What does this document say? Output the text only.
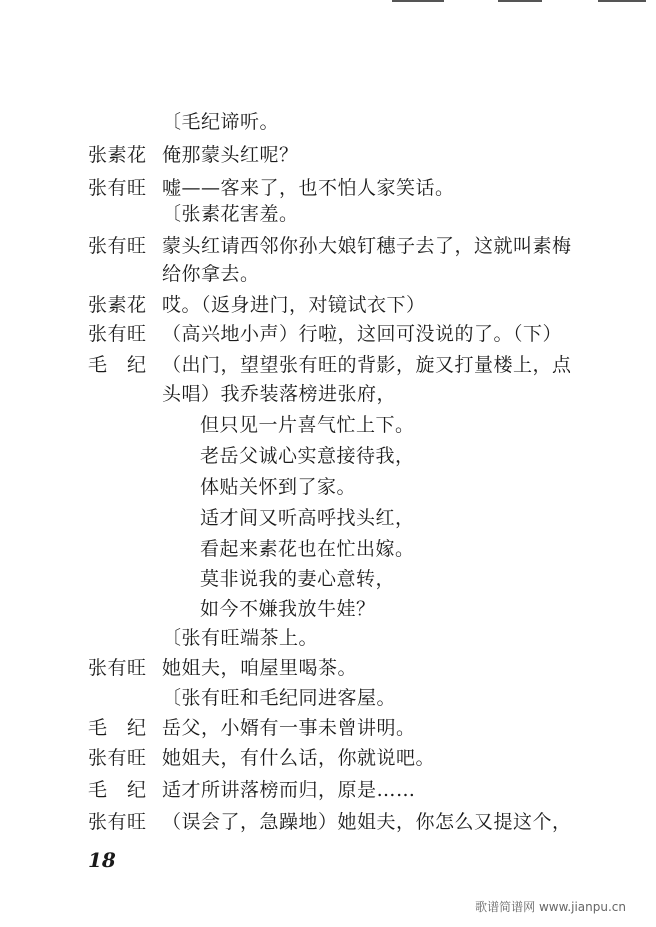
〔毛纪谛听。
张素花 俺那蒙头红呢？
张有旺 嘘——客来了，也不怕人家笑话。
〔张素花害羞。
张有旺 蒙头红请西邻你孙大娘钉穗子去了，这就叫素梅
给你拿去。
张素花 哎。（返身进门，对镜试衣下）
张有旺 （高兴地小声）行啦，这回可没说的了。（下）
毛　纪 （出门，望望张有旺的背影，旋又打量楼上，点
头唱）我乔装落榜进张府，
但只见一片喜气忙上下。
老岳父诚心实意接待我，
体贴关怀到了家。
适才间又听高呼找头红，
看起来素花也在忙出嫁。
莫非说我的妻心意转，
如今不嫌我放牛娃？
〔张有旺端茶上。
张有旺 她姐夫，咱屋里喝茶。
〔张有旺和毛纪同进客屋。
毛　纪 岳父，小婿有一事未曾讲明。
张有旺 她姐夫，有什么话，你就说吧。
毛　纪 适才所讲落榜而归，原是……
张有旺 （误会了，急躁地）她姐夫，你怎么又提这个，
18
歌谱简谱网 www.jianpu.cn
